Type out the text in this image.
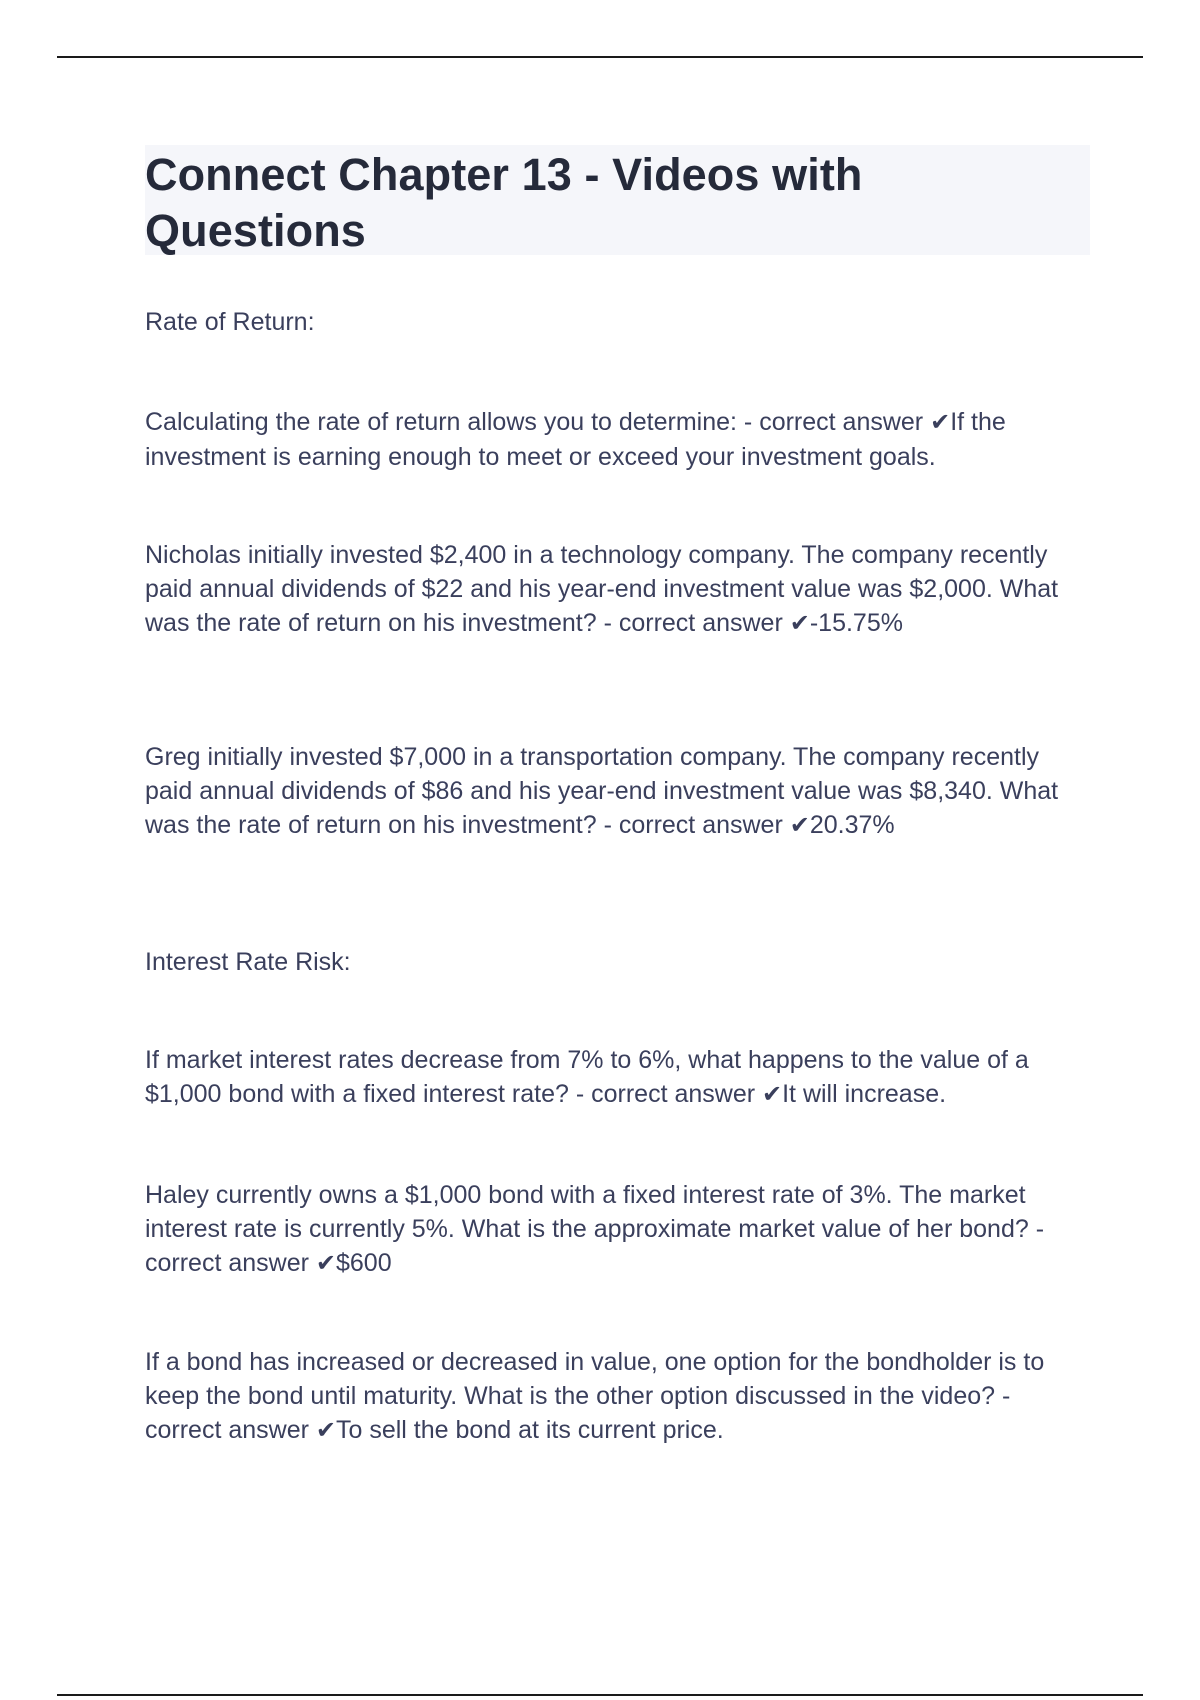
Connect Chapter 13 - Videos with Questions

Rate of Return:

Calculating the rate of return allows you to determine: - correct answer ✔If the investment is earning enough to meet or exceed your investment goals.

Nicholas initially invested $2,400 in a technology company. The company recently paid annual dividends of $22 and his year-end investment value was $2,000. What was the rate of return on his investment? - correct answer ✔-15.75%

Greg initially invested $7,000 in a transportation company. The company recently paid annual dividends of $86 and his year-end investment value was $8,340. What was the rate of return on his investment? - correct answer ✔20.37%

Interest Rate Risk:

If market interest rates decrease from 7% to 6%, what happens to the value of a $1,000 bond with a fixed interest rate? - correct answer ✔It will increase.

Haley currently owns a $1,000 bond with a fixed interest rate of 3%. The market interest rate is currently 5%. What is the approximate market value of her bond? - correct answer ✔$600

If a bond has increased or decreased in value, one option for the bondholder is to keep the bond until maturity. What is the other option discussed in the video? - correct answer ✔To sell the bond at its current price.
